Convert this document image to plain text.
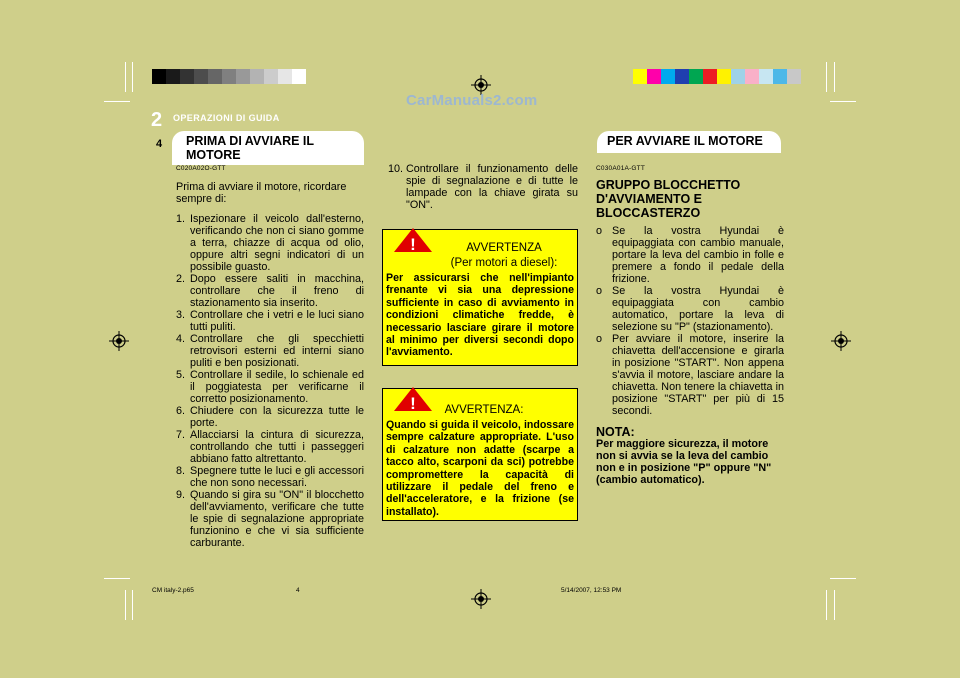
CarManuals2.com
2 OPERAZIONI DI GUIDA
4	PRIMA DI AVVIARE IL MOTORE
PER AVVIARE IL MOTORE
C020A02O-GTT

Prima di avviare il motore, ricordare sempre di:

1. Ispezionare il veicolo dall'esterno, verificando che non ci siano gomme a terra, chiazze di acqua od olio, oppure altri segni indicatori di un possibile guasto.
2. Dopo essere saliti in macchina, controllare che il freno di stazionamento sia inserito.
3. Controllare che i vetri e le luci siano tutti puliti.
4. Controllare che gli specchietti retrovisori esterni ed interni siano puliti e ben posizionati.
5. Controllare il sedile, lo schienale ed il poggiatesta per verificarne il corretto posizionamento.
6. Chiudere con la sicurezza tutte le porte.
7. Allacciarsi la cintura di sicurezza, controllando che tutti i passeggeri abbiano fatto altrettanto.
8. Spegnere tutte le luci e gli accessori che non sono necessari.
9. Quando si gira su "ON" il blocchetto dell'avviamento, verificare che tutte le spie di segnalazione appropriate funzionino e che vi sia sufficiente carburante.
10. Controllare il funzionamento delle spie di segnalazione e di tutte le lampade con la chiave girata su "ON".
!	AVVERTENZA
(Per motori a diesel):
Per assicurarsi che nell'impianto frenante vi sia una depressione sufficiente in caso di avviamento in condizioni climatiche fredde, è necessario lasciare girare il motore al minimo per diversi secondi dopo l'avviamento.
!	AVVERTENZA:
Quando si guida il veicolo, indossare sempre calzature appropriate. L'uso di calzature non adatte (scarpe a tacco alto, scarponi da sci) potrebbe compromettere la capacità di utilizzare il pedale del freno e dell'acceleratore, e la frizione (se installato).
C030A01A-GTT

GRUPPO BLOCCHETTO D'AVVIAMENTO E BLOCCASTERZO

o Se la vostra Hyundai è equipaggiata con cambio manuale, portare la leva del cambio in folle e premere a fondo il pedale della frizione.
o Se la vostra Hyundai è equipaggiata con cambio automatico, portare la leva di selezione su "P" (stazionamento).
o Per avviare il motore, inserire la chiavetta dell'accensione e girarla in posizione "START". Non appena s'avvia il motore, lasciare andare la chiavetta. Non tenere la chiavetta in posizione "START" per più di 15 secondi.
NOTA:
Per maggiore sicurezza, il motore non si avvia se la leva del cambio non e in posizione "P" oppure "N" (cambio automatico).
CM italy-2.p65	4	5/14/2007, 12:53 PM
